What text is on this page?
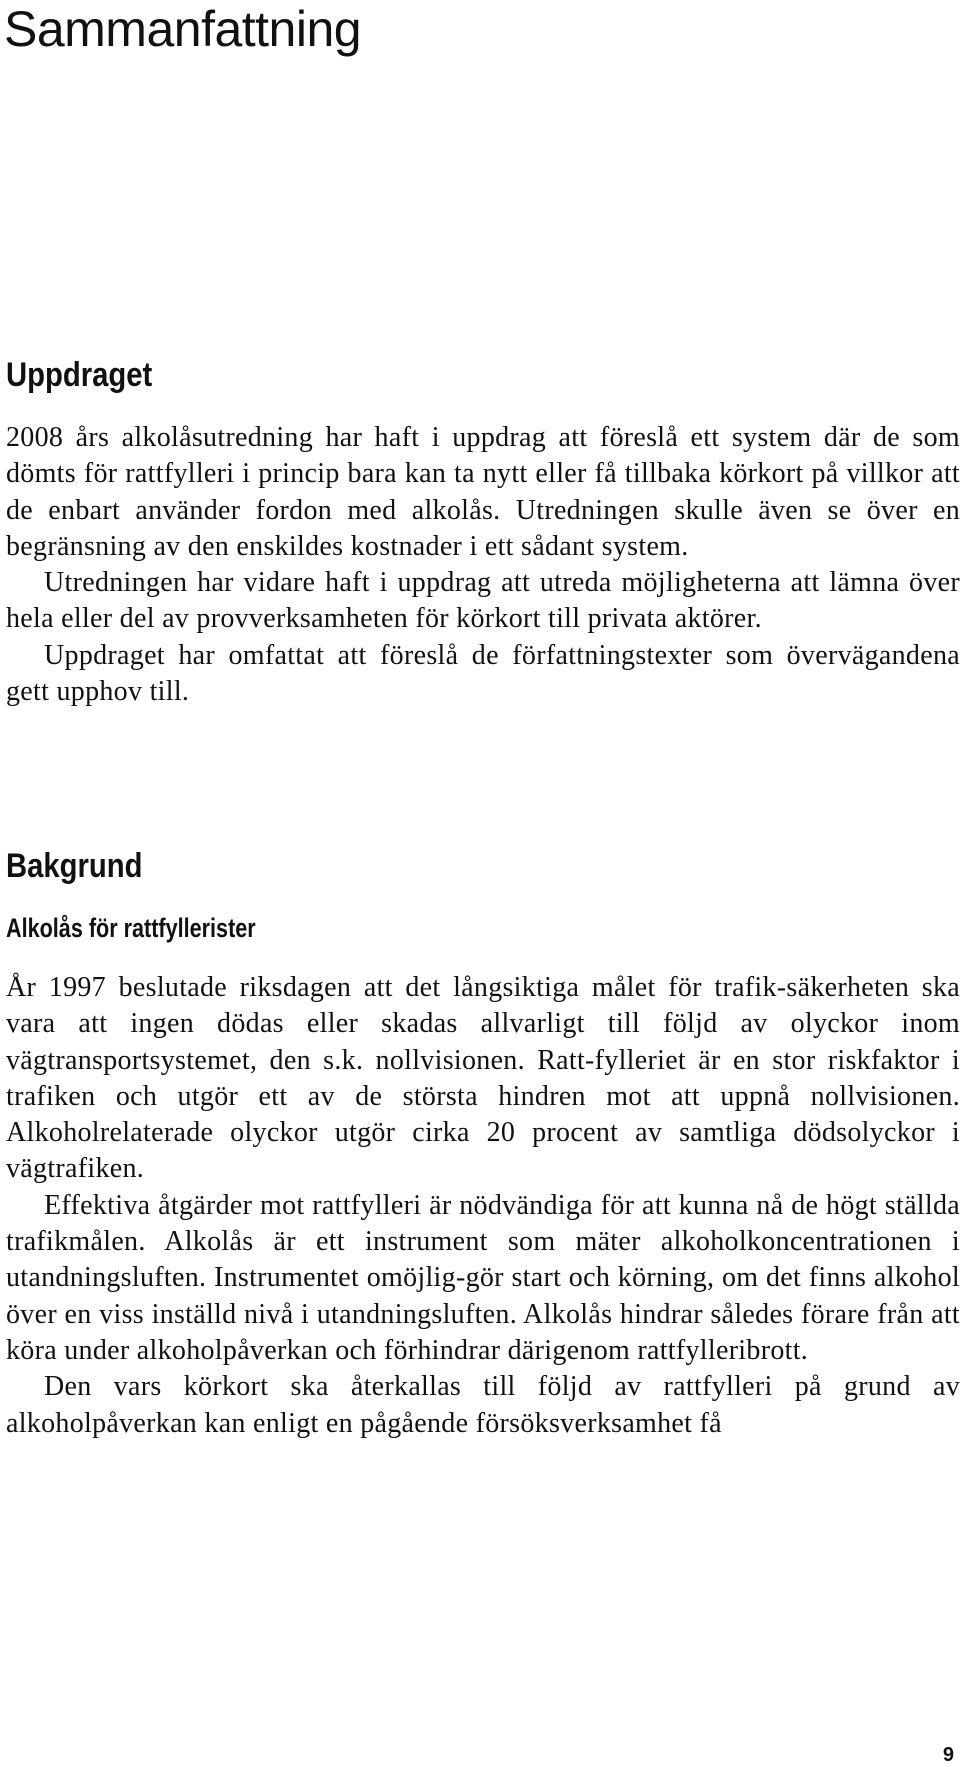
Sammanfattning
Uppdraget

2008 års alkolåsutredning har haft i uppdrag att föreslå ett system där de som dömts för rattfylleri i princip bara kan ta nytt eller få tillbaka körkort på villkor att de enbart använder fordon med alkolås. Utredningen skulle även se över en begränsning av den enskildes kostnader i ett sådant system.

Utredningen har vidare haft i uppdrag att utreda möjligheterna att lämna över hela eller del av provverksamheten för körkort till privata aktörer.

Uppdraget har omfattat att föreslå de författningstexter som övervägandena gett upphov till.

Bakgrund
Alkolås för rattfyllerister

År 1997 beslutade riksdagen att det långsiktiga målet för trafik-säkerheten ska vara att ingen dödas eller skadas allvarligt till följd av olyckor inom vägtransportsystemet, den s.k. nollvisionen. Ratt-fylleriet är en stor riskfaktor i trafiken och utgör ett av de största hindren mot att uppnå nollvisionen. Alkoholrelaterade olyckor utgör cirka 20 procent av samtliga dödsolyckor i vägtrafiken.

Effektiva åtgärder mot rattfylleri är nödvändiga för att kunna nå de högt ställda trafikmålen. Alkolås är ett instrument som mäter alkoholkoncentrationen i utandningsluften. Instrumentet omöjlig-gör start och körning, om det finns alkohol över en viss inställd nivå i utandningsluften. Alkolås hindrar således förare från att köra under alkoholpåverkan och förhindrar därigenom rattfylleribrott.

Den vars körkort ska återkallas till följd av rattfylleri på grund av alkoholpåverkan kan enligt en pågående försöksverksamhet få

9
